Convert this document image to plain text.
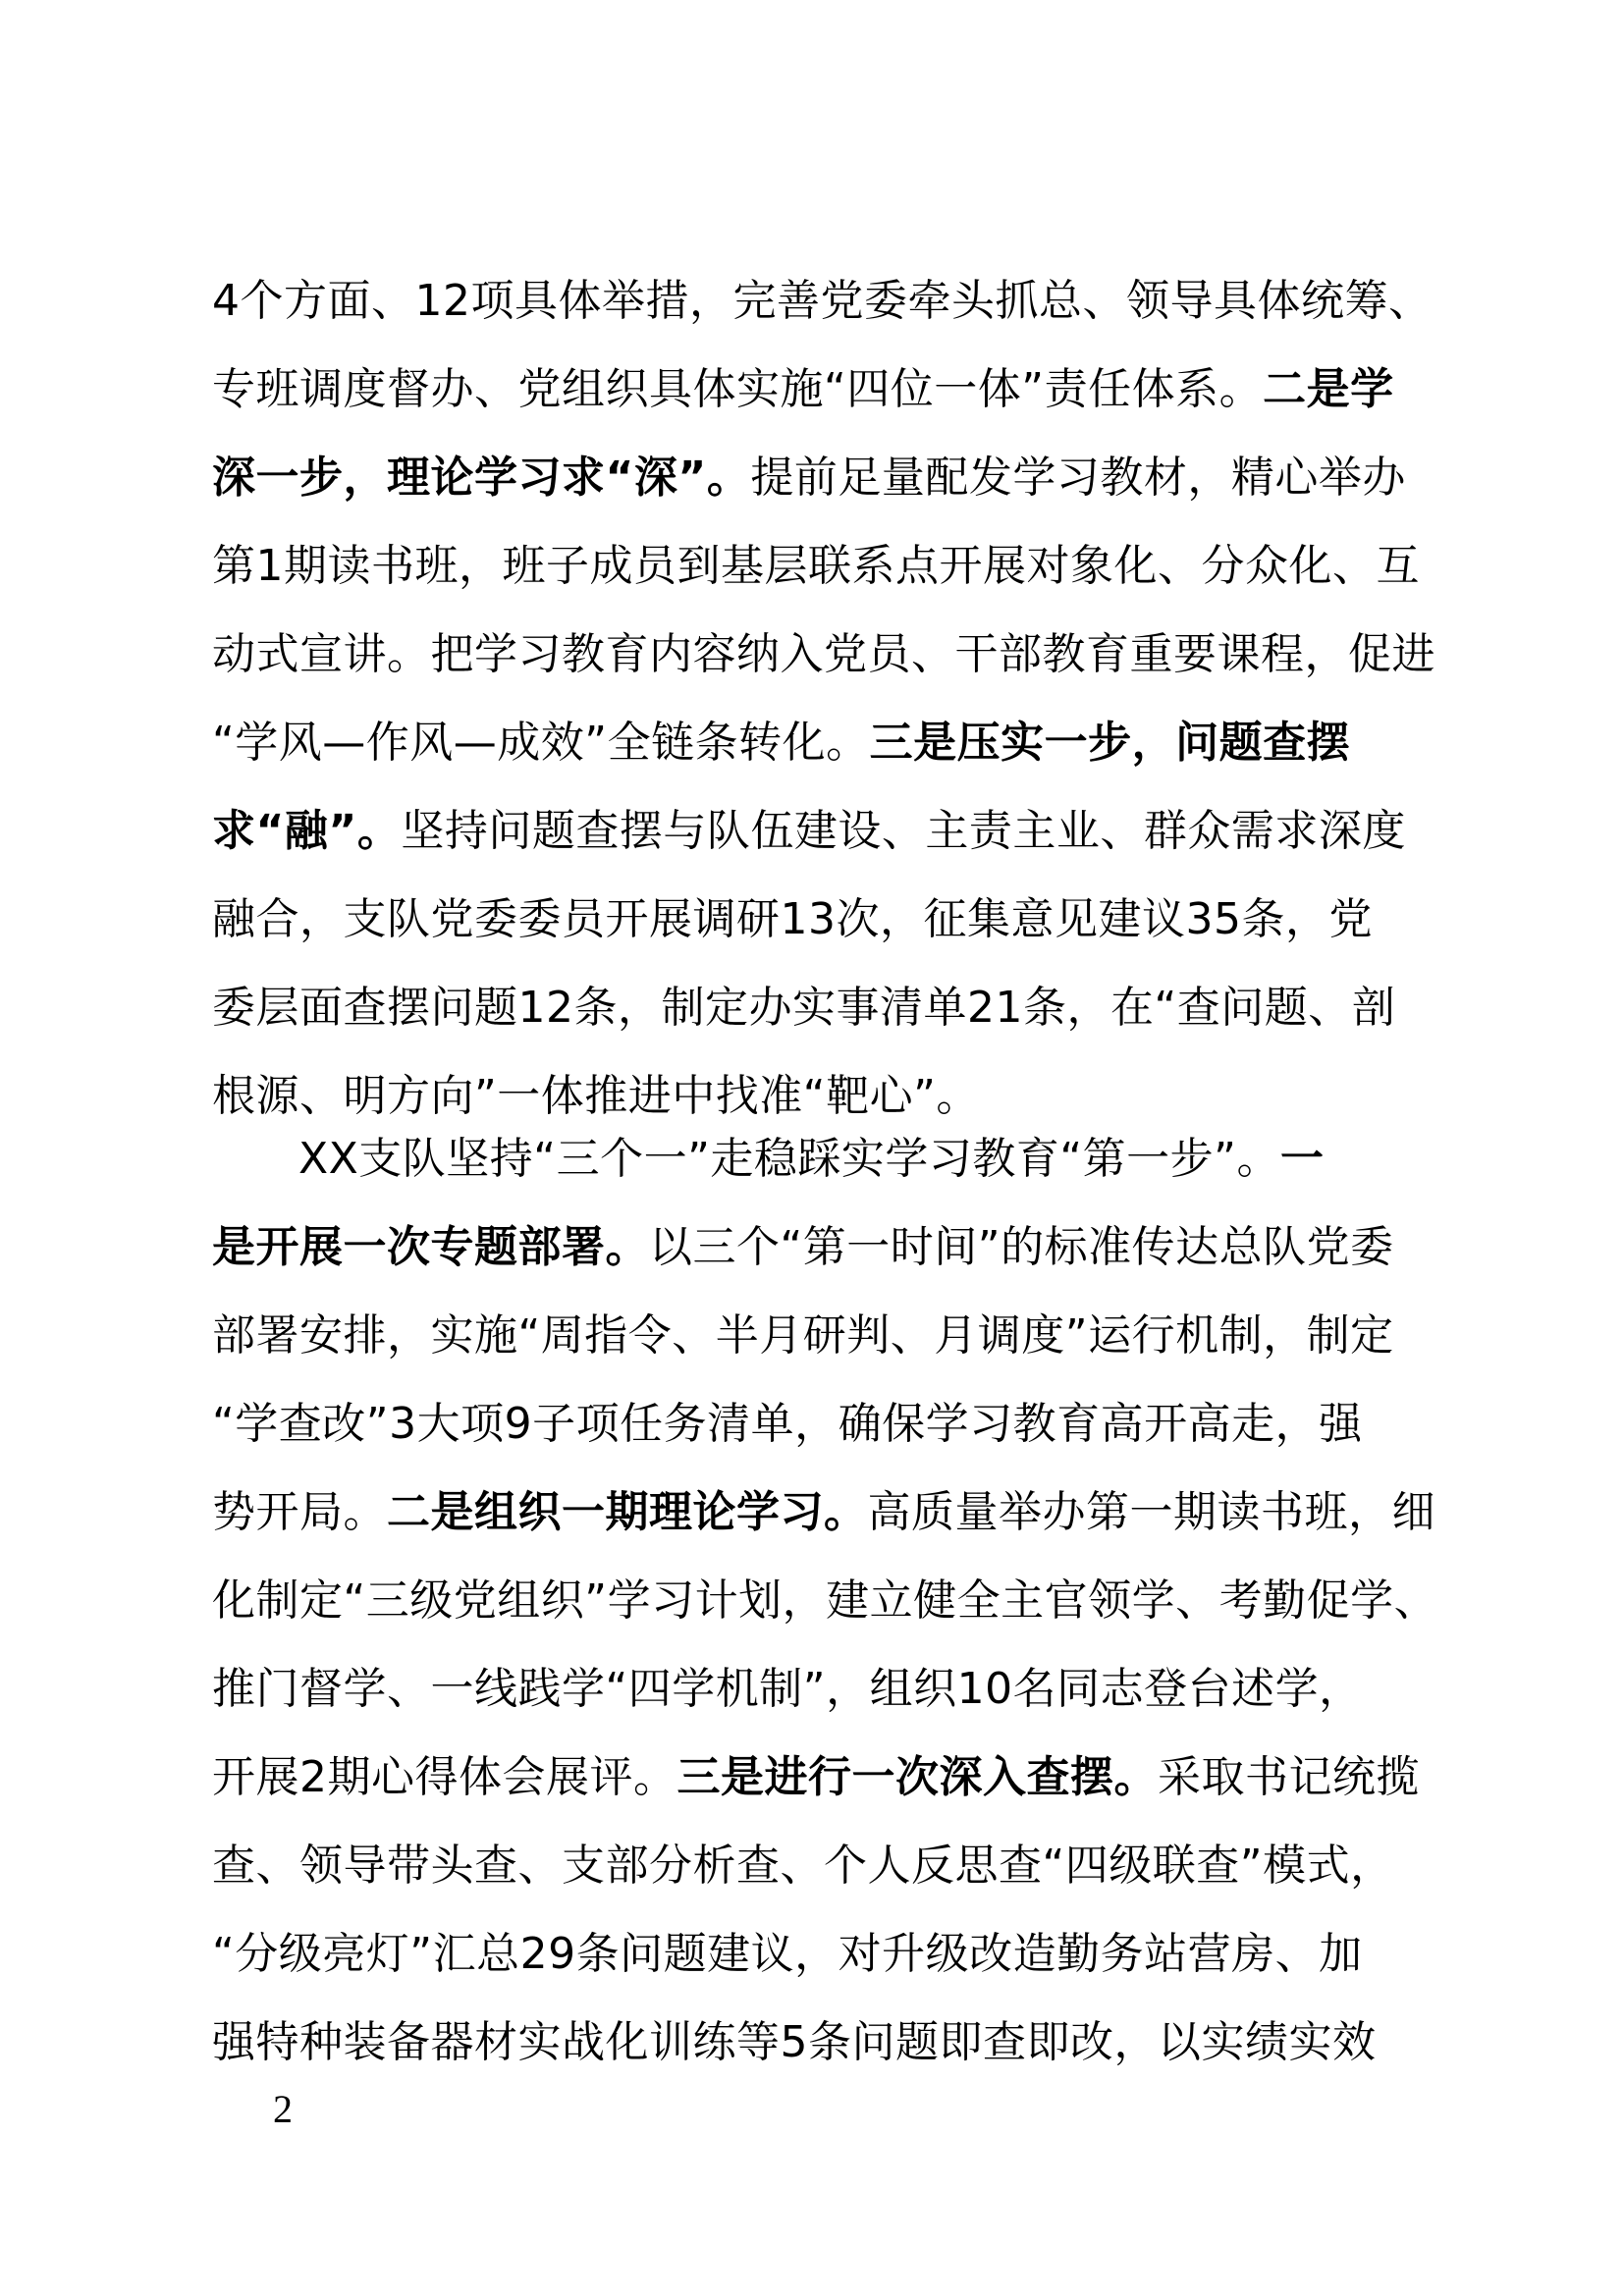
4个方面、12项具体举措，完善党委牵头抓总、领导具体统筹、
专班调度督办、党组织具体实施“四位一体”责任体系。二是学
深一步，理论学习求“深”。提前足量配发学习教材，精心举办
第1期读书班，班子成员到基层联系点开展对象化、分众化、互
动式宣讲。把学习教育内容纳入党员、干部教育重要课程，促进
“学风—作风—成效”全链条转化。三是压实一步，问题查摆
求“融”。坚持问题查摆与队伍建设、主责主业、群众需求深度
融合，支队党委委员开展调研13次，征集意见建议35条，党
委层面查摆问题12条，制定办实事清单21条，在“查问题、剖
根源、明方向”一体推进中找准“靶心”。
XX支队坚持“三个一”走稳踩实学习教育“第一步”。一
是开展一次专题部署。以三个“第一时间”的标准传达总队党委
部署安排，实施“周指令、半月研判、月调度”运行机制，制定
“学查改”3大项9子项任务清单，确保学习教育高开高走，强
势开局。二是组织一期理论学习。高质量举办第一期读书班，细
化制定“三级党组织”学习计划，建立健全主官领学、考勤促学、
推门督学、一线践学“四学机制”，组织10名同志登台述学，
开展2期心得体会展评。三是进行一次深入查摆。采取书记统揽
查、领导带头查、支部分析查、个人反思查“四级联查”模式，
“分级亮灯”汇总29条问题建议，对升级改造勤务站营房、加
强特种装备器材实战化训练等5条问题即查即改，以实绩实效
2
